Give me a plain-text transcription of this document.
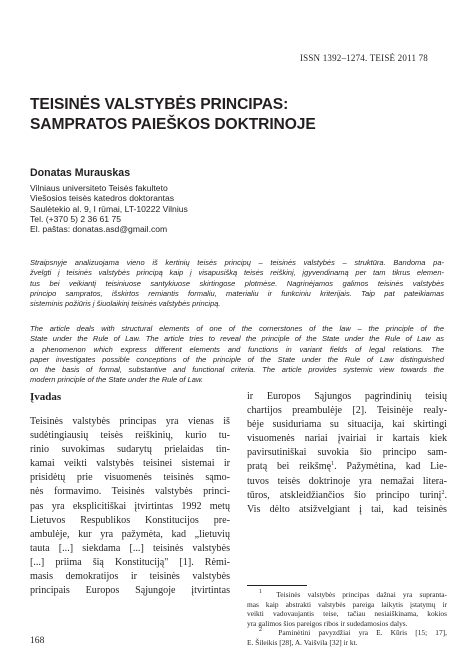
ISSN 1392–1274. TEISĖ 2011 78
TEISINĖS VALSTYBĖS PRINCIPAS:
SAMPRATOS PAIEŠKOS DOKTRINOJE
Donatas Murauskas
Vilniaus universiteto Teisės fakulteto
Viešosios teisės katedros doktorantas
Saulėtekio al. 9, I rūmai, LT-10222 Vilnius
Tel. (+370 5) 2 36 61 75
El. paštas: donatas.asd@gmail.com
Straipsnyje analizuojama vieno iš kertinių teisės principų – teisinės valstybės – struktūra. Bandoma pa-
žvelgti į teisinės valstybės principą kaip į visapusišką teisės reiškinį, įgyvendinamą per tam tikrus elemen-
tus bei veikiantį teisiniuose santykiuose skirtingose plotmėse. Nagrinėjamos galimos teisinės valstybės
principo sampratos, išskirtos remiantis formaliu, materialiu ir funkciniu kriterijais. Taip pat pateikiamas
sisteminis požiūris į šiuolaikinį teisinės valstybės principą.
The article deals with structural elements of one of the cornerstones of the law – the principle of the
State under the Rule of Law. The article tries to reveal the principle of the State under the Rule of Law as
a phenomenon which express different elements and functions in variant fields of legal relations. The
paper investigates possible conceptions of the principle of the State under the Rule of Law distinguished
on the basis of formal, substantive and functional criteria. The article provides systemic view towards the
modern principle of the State under the Rule of Law.
Įvadas
Teisinės valstybės principas yra vienas iš
sudėtingiausių teisės reiškinių, kurio tu-
rinio suvokimas sudarytų prielaidas tin-
kamai veikti valstybės teisinei sistemai ir
prisidėtų prie visuomenės teisinės sąmo-
nės formavimo. Teisinės valstybės princi-
pas yra eksplicitiškai įtvirtintas 1992 metų
Lietuvos Respublikos Konstitucijos pre-
ambulėje, kur yra pažymėta, kad „lietuvių
tauta [...] siekdama [...] teisinės valstybės
[...] priima šią Konstituciją" [1]. Rėmi-
masis demokratijos ir teisinės valstybės
principais Europos Sąjungoje įtvirtintas
ir Europos Sąjungos pagrindinių teisių
chartijos preambulėje [2]. Teisinėje realy-
bėje susiduriama su situacija, kai skirtingi
visuomenės nariai įvairiai ir kartais kiek
pavirsutiniškai suvokia šio principo sam-
pratą bei reikšmę$^1$. Pažymėtina, kad Lie-
tuvos teisės doktrinoje yra nemažai litera-
tūros, atskleidžiančios šio principo turinį$^2$.
Vis dėlto atsižvelgiant į tai, kad teisinės
$^1$ Teisinės valstybės principas dažnai yra supranta-
mas kaip abstrakti valstybės pareiga laikytis įstatymų ir
veikti vadovaujantis teise, tačiau nesiaiškinama, kokios
yra galimos šios pareigos ribos ir sudedamosios dalys.
$^2$ Paminėtini pavyzdžiai yra E. Kūris [15; 17],
E. Šileikis [28], A. Vaišvila [32] ir kt.
168
